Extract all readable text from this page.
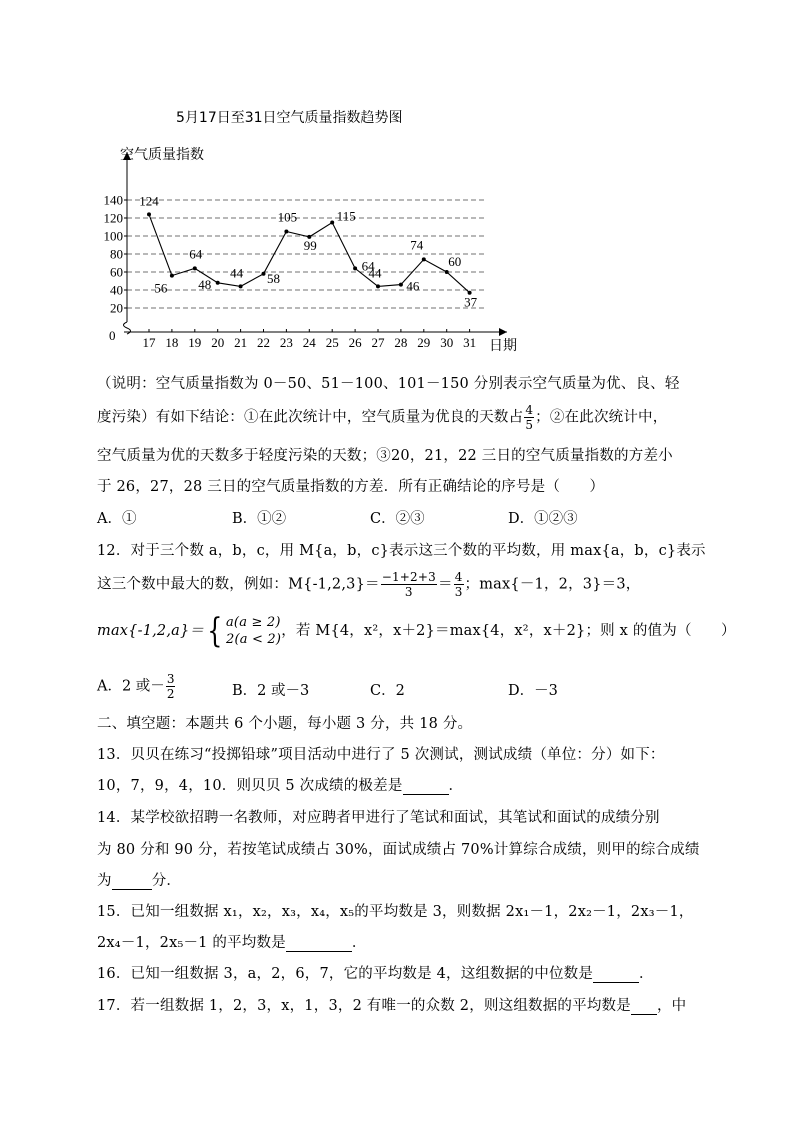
5月17日至31日空气质量指数趋势图
20
40
60
80
100
120
140
17 18 19 20 21 22 23 24 25 26 27 28 29 30 31
124
56
64
48
44 58
105
99
115
64
44
46
74
60
37
空气质量指数
日期
0
（说明：空气质量指数为 0－50、51－100、101－150 分别表示空气质量为优、良、轻
度污染）有如下结论：①在此次统计中，空气质量为优良的天数占 $\frac{4}{5}$ ；②在此次统计中，
空气质量为优的天数多于轻度污染的天数；③20，21，22 三日的空气质量指数的方差小
于 26，27，28 三日的空气质量指数的方差．所有正确结论的序号是（　　）
A．①	B．①②	C．②③	D．①②③
12．对于三个数 a，b，c，用 M{a，b，c}表示这三个数的平均数，用 max{a，b，c}表示
这三个数中最大的数，例如：$M\{-1,2,3\}= \frac{-1+2+3}{3} = \frac{4}{3}$ ；max{－1，2，3}＝3，
max{-1,2,a}＝ { a(a ≥ 2)
2(a < 2)
，若 M{4，x²，x＋2}＝max{4，x²，x＋2}；则 x 的值为（　　）
A．2 或－ $\frac{3}{2}$	B．2 或－3	C．2	D．－3
二、填空题：本题共 6 个小题，每小题 3 分，共 18 分。
13．贝贝在练习“投掷铅球”项目活动中进行了 5 次测试，测试成绩（单位：分）如下：
10，7，9，4，10．则贝贝 5 次成绩的极差是	．
14．某学校欲招聘一名教师，对应聘者甲进行了笔试和面试，其笔试和面试的成绩分别
为 80 分和 90 分，若按笔试成绩占 30%，面试成绩占 70%计算综合成绩，则甲的综合成绩
为	分．
15．已知一组数据 x₁，x₂，x₃，x₄，x₅的平均数是 3，则数据 2x₁－1，2x₂－1，2x₃－1，
2x₄－1，2x₅－1 的平均数是	．
16．已知一组数据 3，a，2，6，7，它的平均数是 4，这组数据的中位数是	．
17．若一组数据 1，2，3，x，1，3，2 有唯一的众数 2，则这组数据的平均数是 ，中
